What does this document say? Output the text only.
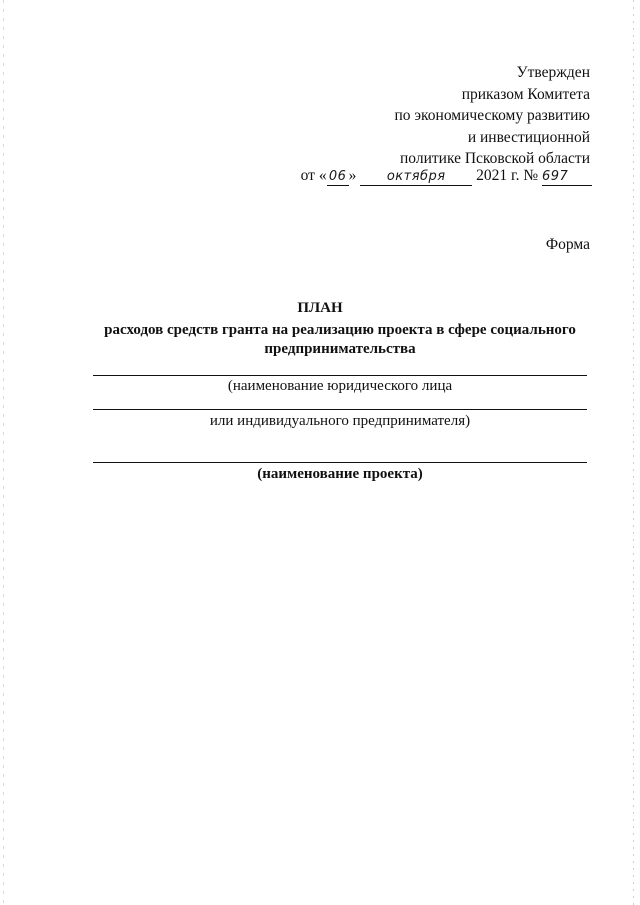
Утвержден
приказом Комитета
по экономическому развитию
и инвестиционной
политике Псковской области
от « 06 » октября 2021 г. № 697
Форма
ПЛАН
расходов средств гранта на реализацию проекта в сфере социального
предпринимательства
(наименование юридического лица
или индивидуального предпринимателя)
(наименование проекта)
